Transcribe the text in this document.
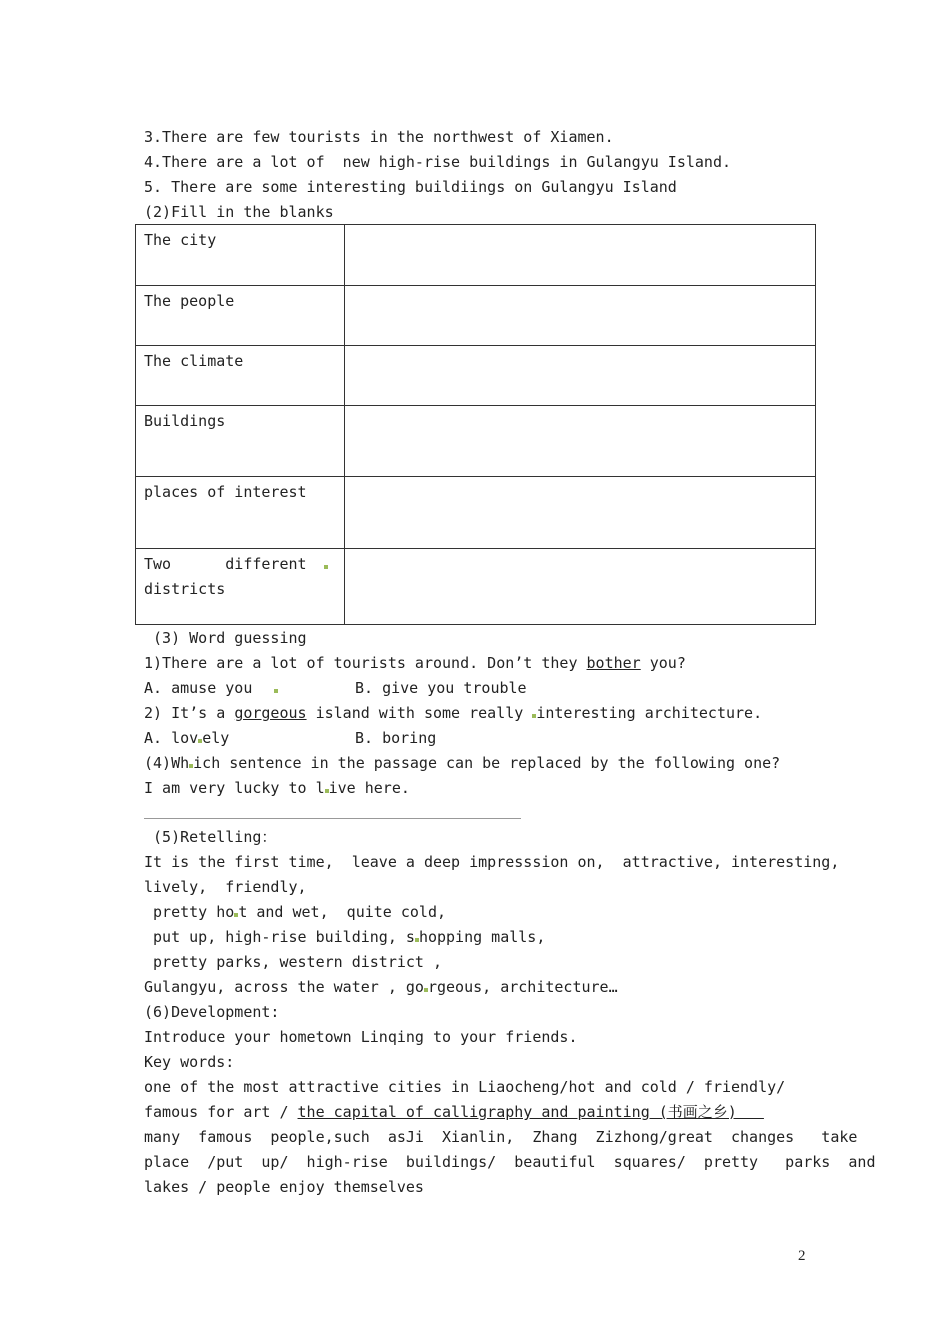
3.There are few tourists in the northwest of Xiamen.
4.There are a lot of  new high-rise buildings in Gulangyu Island.
5. There are some interesting buildiings on Gulangyu Island
(2)Fill in the blanks
The city	
The people	
The climate	
Buildings	
places of interest	

Two      different
districts	

(3) Word guessing
1)There are a lot of tourists around. Don’t they bother you?
A. amuse you	B. give you trouble
2) It’s a gorgeous island with some really interesting architecture.
A. lov ely	B. boring
(4)Wh ich sentence in the passage can be replaced by the following one?
I am very lucky to l ive here.
(5)Retelling：
It is the first time,  leave a deep impresssion on,  attractive, interesting,
lively,  friendly,
pretty ho t and wet,  quite cold,
put up, high-rise building, s hopping malls,
pretty parks, western district ,
Gulangyu, across the water , go rgeous, architecture…
(6)Development:
Introduce your hometown Linqing to your friends.
Key words:
one of the most attractive cities in Liaocheng/hot and cold / friendly/
famous for art / the capital of calligraphy and painting (书画之乡)
many  famous  people,such  asJi  Xianlin,  Zhang  Zizhong/great  changes   take
place  /put  up/  high-rise  buildings/  beautiful  squares/  pretty   parks  and
lakes / people enjoy themselves
2
